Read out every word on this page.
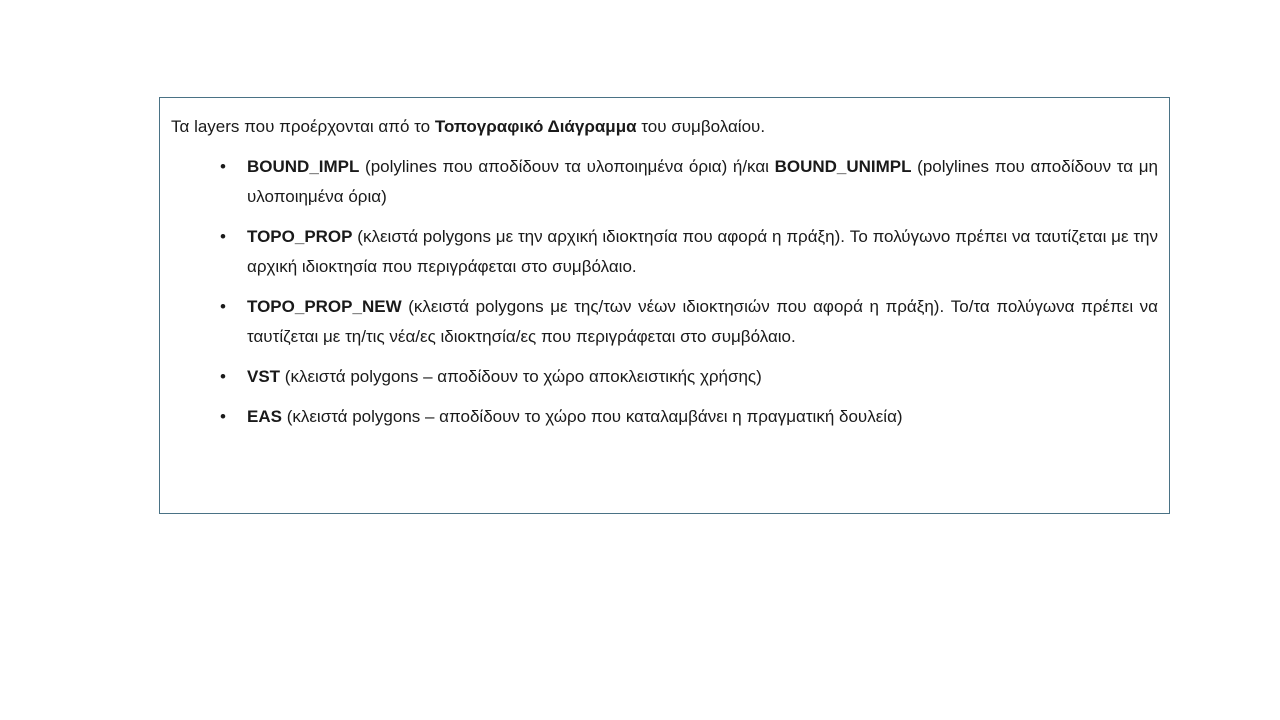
Τα layers που προέρχονται από το Τοπογραφικό Διάγραμμα του συμβολαίου.

• BOUND_IMPL (polylines που αποδίδουν τα υλοποιημένα όρια) ή/και BOUND_UNIMPL (polylines που αποδίδουν τα μη υλοποιημένα όρια)
• TOPO_PROP (κλειστά polygons με την αρχική ιδιοκτησία που αφορά η πράξη). Το πολύγωνο πρέπει να ταυτίζεται με την αρχική ιδιοκτησία που περιγράφεται στο συμβόλαιο.
• TOPO_PROP_NEW (κλειστά polygons με της/των νέων ιδιοκτησιών που αφορά η πράξη). Το/τα πολύγωνα πρέπει να ταυτίζεται με τη/τις νέα/ες ιδιοκτησία/ες που περιγράφεται στο συμβόλαιο.
• VST (κλειστά polygons – αποδίδουν το χώρο αποκλειστικής χρήσης)
• EAS (κλειστά polygons – αποδίδουν το χώρο που καταλαμβάνει η πραγματική δουλεία)
